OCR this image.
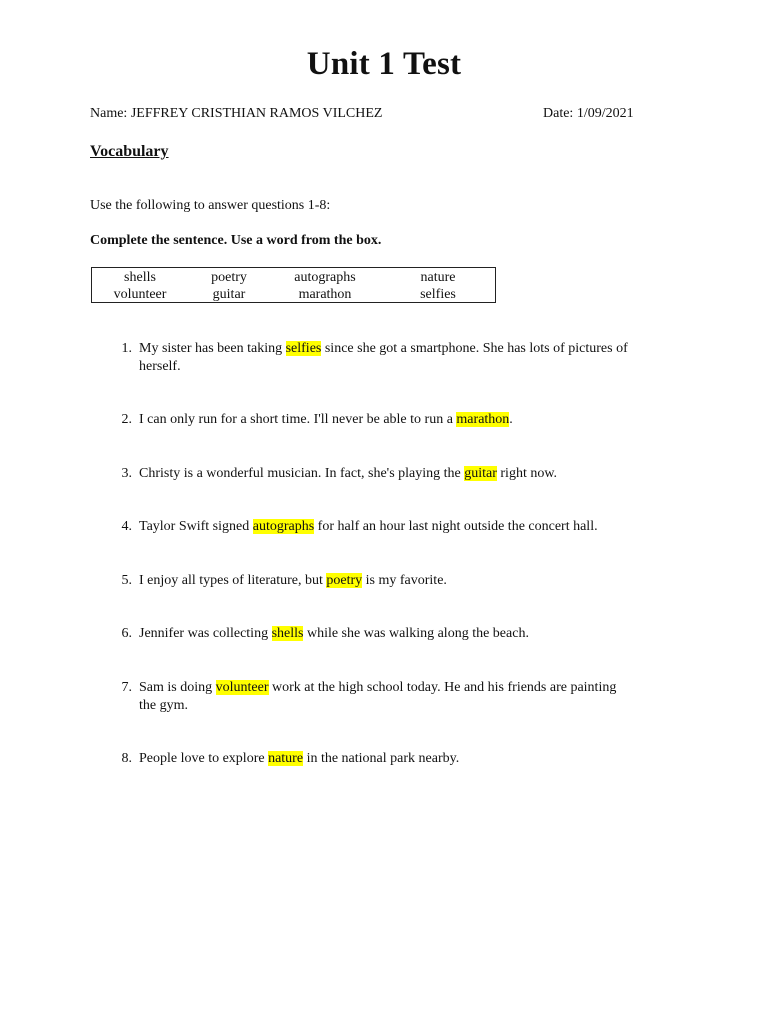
Unit 1 Test
Name: JEFFREY CRISTHIAN RAMOS VILCHEZ	Date: 1/09/2021
Vocabulary
Use the following to answer questions 1-8:
Complete the sentence. Use a word from the box.
shells	poetry	autographs	nature
volunteer	guitar	marathon	selfies
1. My sister has been taking selfies since she got a smartphone. She has lots of pictures of
herself.
2. I can only run for a short time. I'll never be able to run a marathon.
3. Christy is a wonderful musician. In fact, she's playing the guitar right now.
4. Taylor Swift signed autographs for half an hour last night outside the concert hall.
5. I enjoy all types of literature, but poetry is my favorite.
6. Jennifer was collecting shells while she was walking along the beach.
7. Sam is doing volunteer work at the high school today. He and his friends are painting
the gym.
8. People love to explore nature in the national park nearby.
